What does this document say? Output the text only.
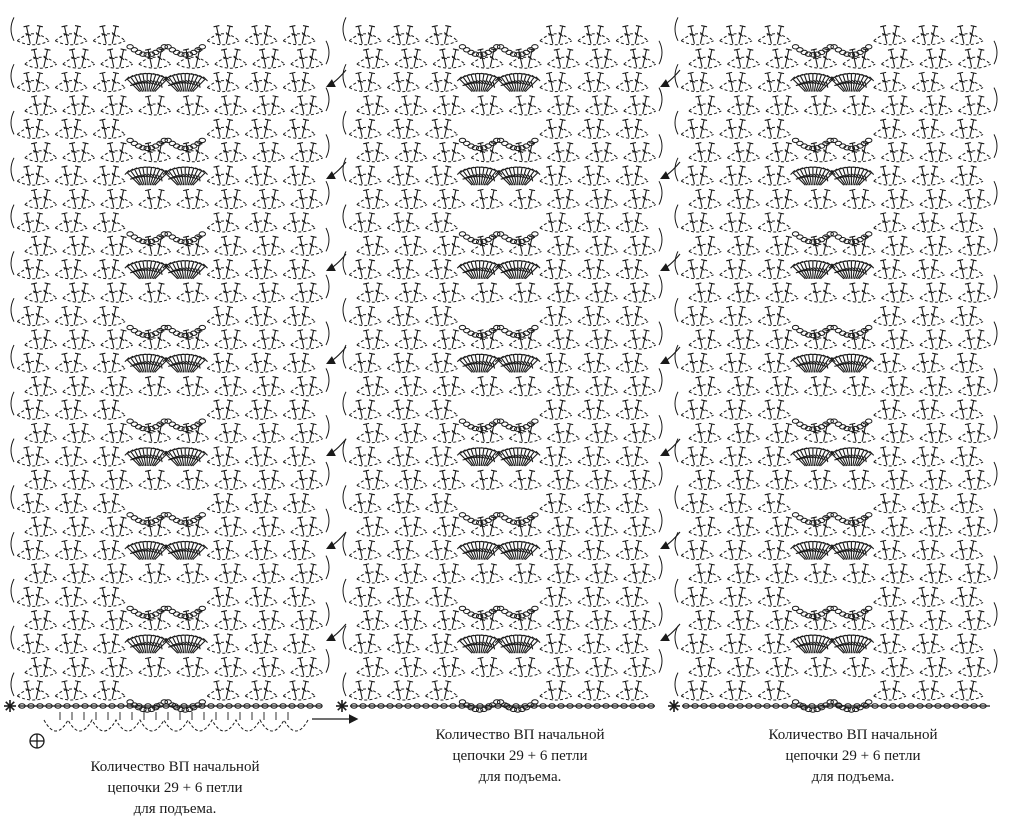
Количество ВП начальной
цепочки 29 + 6 петли
для подъема.
Количество ВП начальной
цепочки 29 + 6 петли
для подъема.
Количество ВП начальной
цепочки 29 + 6 петли
для подъема.
